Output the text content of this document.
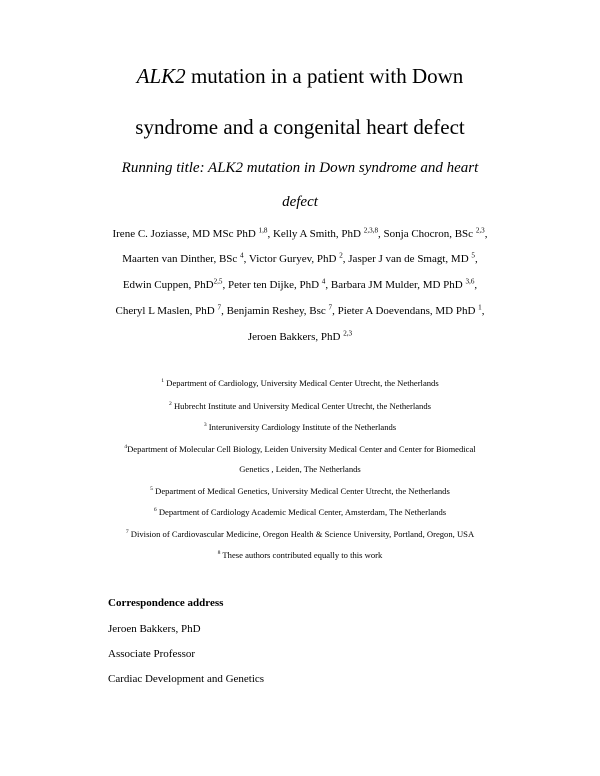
ALK2 mutation in a patient with Down
syndrome and a congenital heart defect
Running title: ALK2 mutation in Down syndrome and heart
defect
Irene C. Joziasse, MD MSc PhD $^{1,8}$, Kelly A Smith, PhD $^{2,3,8}$, Sonja Chocron, BSc $^{2,3}$,
Maarten van Dinther, BSc $^4$, Victor Guryev, PhD $^2$, Jasper J van de Smagt, MD $^5$,
Edwin Cuppen, PhD$^{2,5}$, Peter ten Dijke, PhD $^4$, Barbara JM Mulder, MD PhD $^{3,6}$,
Cheryl L Maslen, PhD $^7$, Benjamin Reshey, Bsc $^7$, Pieter A Doevendans, MD PhD $^1$,
Jeroen Bakkers, PhD $^{2,3}$
$^1$ Department of Cardiology, University Medical Center Utrecht, the Netherlands
$^2$ Hubrecht Institute and University Medical Center Utrecht, the Netherlands
$^3$ Interuniversity Cardiology Institute of the Netherlands
$^4$Department of Molecular Cell Biology, Leiden University Medical Center and Center for Biomedical
Genetics , Leiden, The Netherlands
$^5$ Department of Medical Genetics, University Medical Center Utrecht, the Netherlands
$^6$ Department of Cardiology Academic Medical Center, Amsterdam, The Netherlands
$^7$ Division of Cardiovascular Medicine, Oregon Health & Science University, Portland, Oregon, USA
$^8$ These authors contributed equally to this work
Correspondence address
Jeroen Bakkers, PhD
Associate Professor
Cardiac Development and Genetics
